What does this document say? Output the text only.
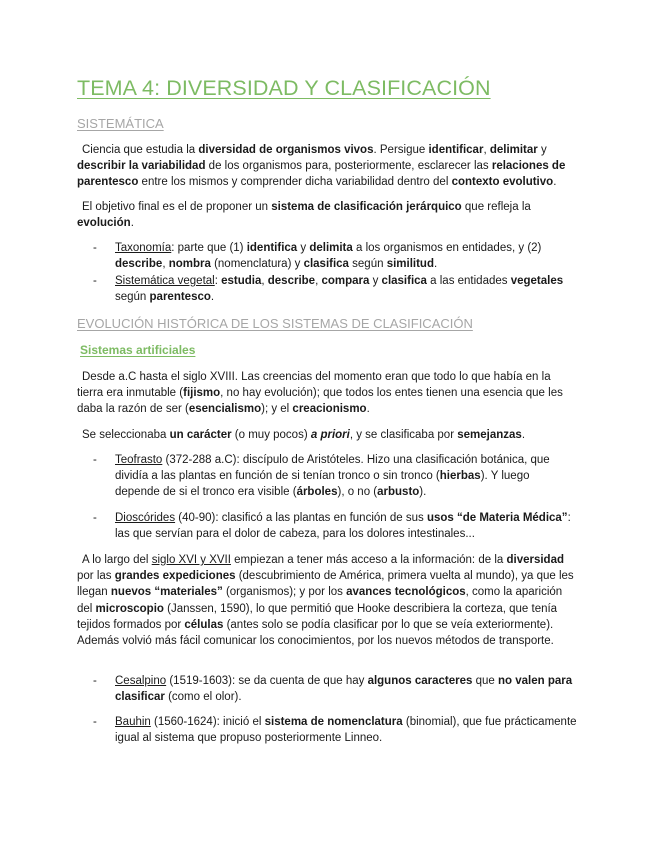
TEMA 4: DIVERSIDAD Y CLASIFICACIÓN
SISTEMÁTICA
Ciencia que estudia la diversidad de organismos vivos. Persigue identificar, delimitar y describir la variabilidad de los organismos para, posteriormente, esclarecer las relaciones de parentesco entre los mismos y comprender dicha variabilidad dentro del contexto evolutivo.
El objetivo final es el de proponer un sistema de clasificación jerárquico que refleja la evolución.
- Taxonomía: parte que (1) identifica y delimita a los organismos en entidades, y (2) describe, nombra (nomenclatura) y clasifica según similitud.
- Sistemática vegetal: estudia, describe, compara y clasifica a las entidades vegetales según parentesco.
EVOLUCIÓN HISTÓRICA DE LOS SISTEMAS DE CLASIFICACIÓN
Sistemas artificiales
Desde a.C hasta el siglo XVIII. Las creencias del momento eran que todo lo que había en la tierra era inmutable (fijismo, no hay evolución); que todos los entes tienen una esencia que les daba la razón de ser (esencialismo); y el creacionismo.
Se seleccionaba un carácter (o muy pocos) a priori, y se clasificaba por semejanzas.
- Teofrasto (372-288 a.C): discípulo de Aristóteles. Hizo una clasificación botánica, que dividía a las plantas en función de si tenían tronco o sin tronco (hierbas). Y luego depende de si el tronco era visible (árboles), o no (arbusto).
- Dioscórides (40-90): clasificó a las plantas en función de sus usos “de Materia Médica”: las que servían para el dolor de cabeza, para los dolores intestinales...
A lo largo del siglo XVI y XVII empiezan a tener más acceso a la información: de la diversidad por las grandes expediciones (descubrimiento de América, primera vuelta al mundo), ya que les llegan nuevos “materiales” (organismos); y por los avances tecnológicos, como la aparición del microscopio (Janssen, 1590), lo que permitió que Hooke describiera la corteza, que tenía tejidos formados por células (antes solo se podía clasificar por lo que se veía exteriormente). Además volvió más fácil comunicar los conocimientos, por los nuevos métodos de transporte.
- Cesalpino (1519-1603): se da cuenta de que hay algunos caracteres que no valen para clasificar (como el olor).
- Bauhin (1560-1624): inició el sistema de nomenclatura (binomial), que fue prácticamente igual al sistema que propuso posteriormente Linneo.
